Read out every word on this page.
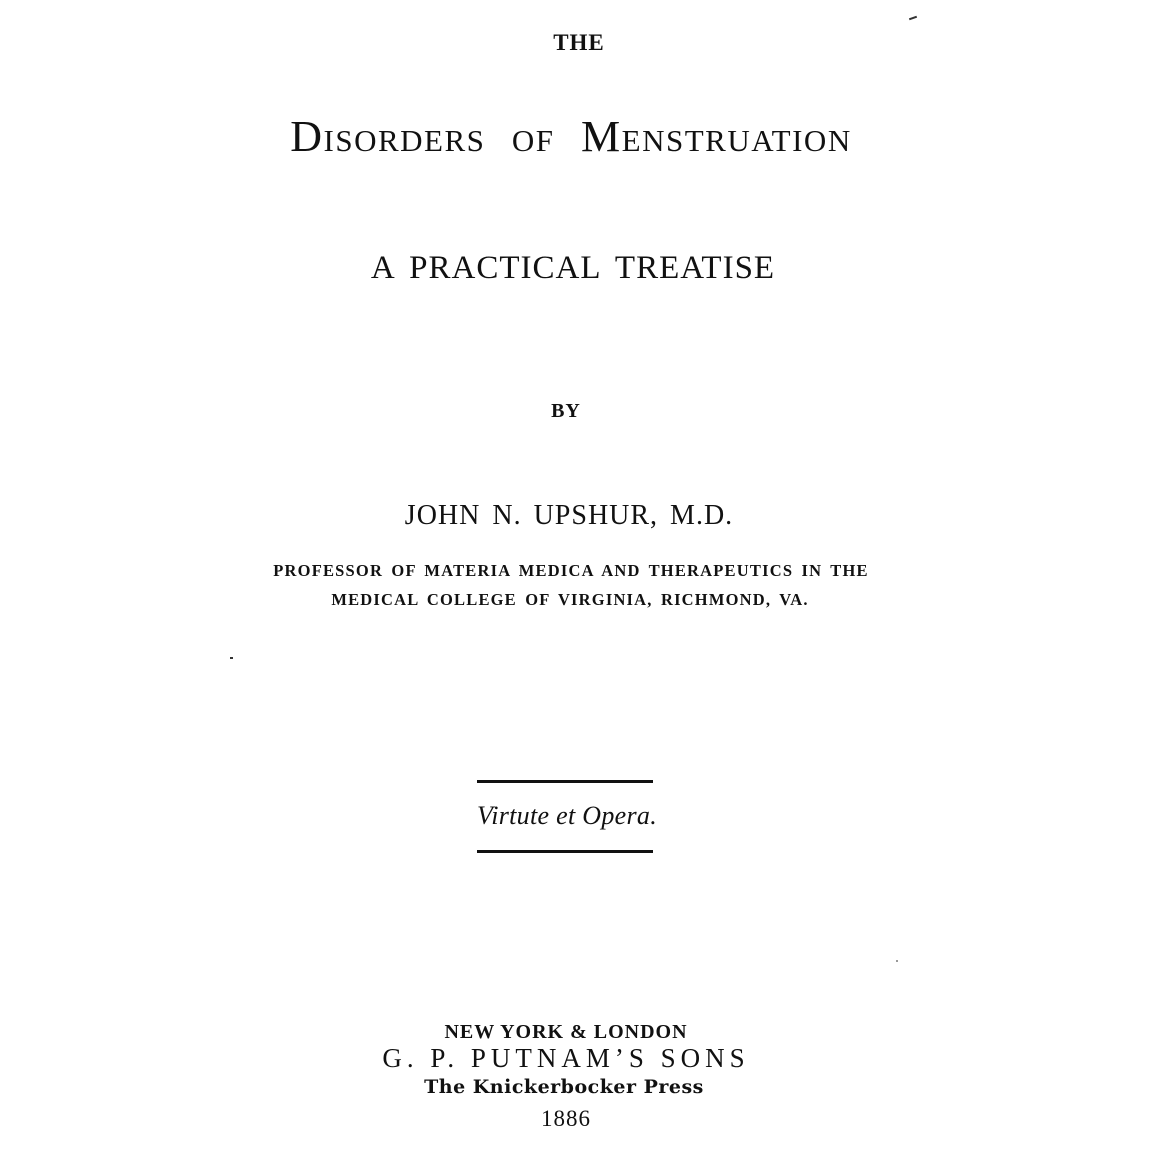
THE
Disorders of Menstruation
A PRACTICAL TREATISE
BY
JOHN N. UPSHUR, M.D.
PROFESSOR OF MATERIA MEDICA AND THERAPEUTICS IN THE
MEDICAL COLLEGE OF VIRGINIA, RICHMOND, VA.
Virtute et Opera.
NEW YORK & LONDON
G. P. PUTNAM’S SONS
The Knickerbocker Press
1886
